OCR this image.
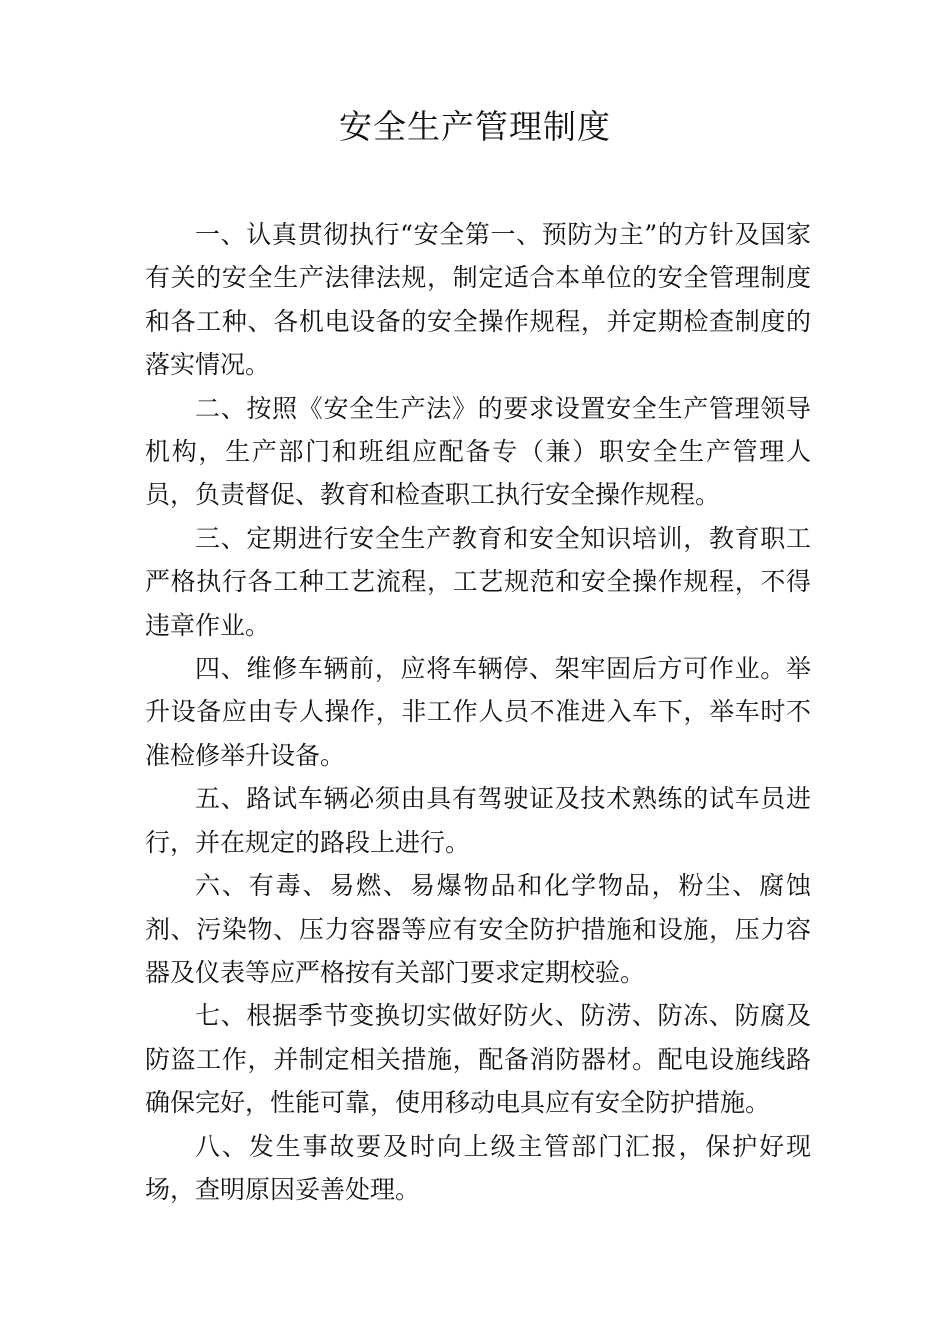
安全生产管理制度

一、认真贯彻执行“安全第一、预防为主”的方针及国家有关的安全生产法律法规，制定适合本单位的安全管理制度和各工种、各机电设备的安全操作规程，并定期检查制度的落实情况。

二、按照《安全生产法》的要求设置安全生产管理领导机构，生产部门和班组应配备专（兼）职安全生产管理人员，负责督促、教育和检查职工执行安全操作规程。

三、定期进行安全生产教育和安全知识培训，教育职工严格执行各工种工艺流程，工艺规范和安全操作规程，不得违章作业。

四、维修车辆前，应将车辆停、架牢固后方可作业。举升设备应由专人操作，非工作人员不准进入车下，举车时不准检修举升设备。

五、路试车辆必须由具有驾驶证及技术熟练的试车员进行，并在规定的路段上进行。

六、有毒、易燃、易爆物品和化学物品，粉尘、腐蚀剂、污染物、压力容器等应有安全防护措施和设施，压力容器及仪表等应严格按有关部门要求定期校验。

七、根据季节变换切实做好防火、防涝、防冻、防腐及防盗工作，并制定相关措施，配备消防器材。配电设施线路确保完好，性能可靠，使用移动电具应有安全防护措施。

八、发生事故要及时向上级主管部门汇报，保护好现场，查明原因妥善处理。
